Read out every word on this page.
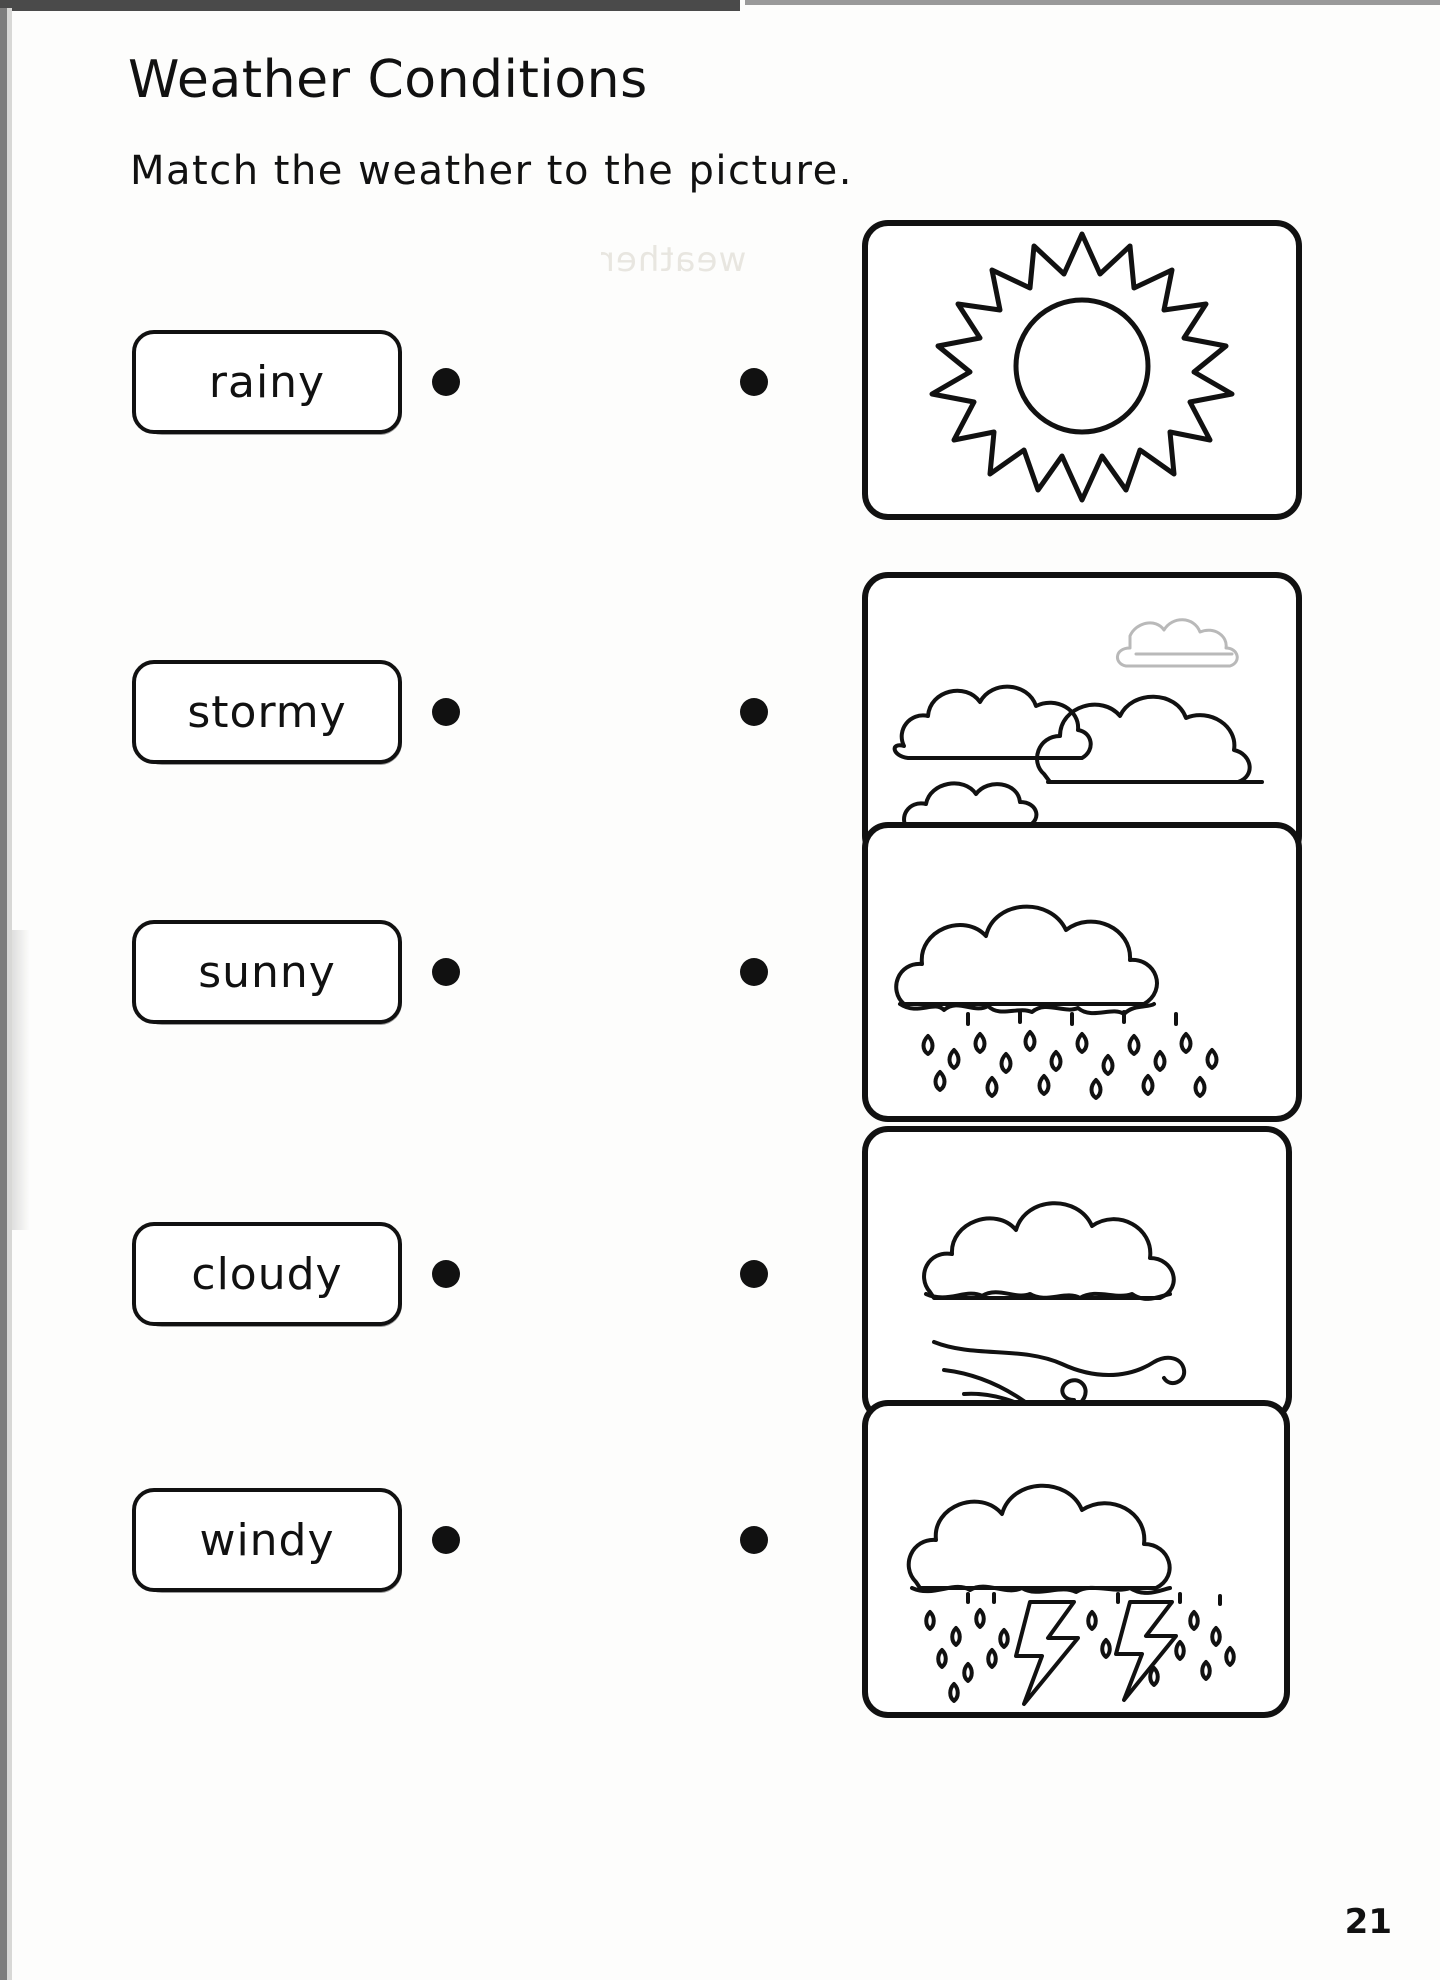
weather
Weather Conditions
Match the weather to the picture.
rainy
stormy
sunny
cloudy
windy
21
